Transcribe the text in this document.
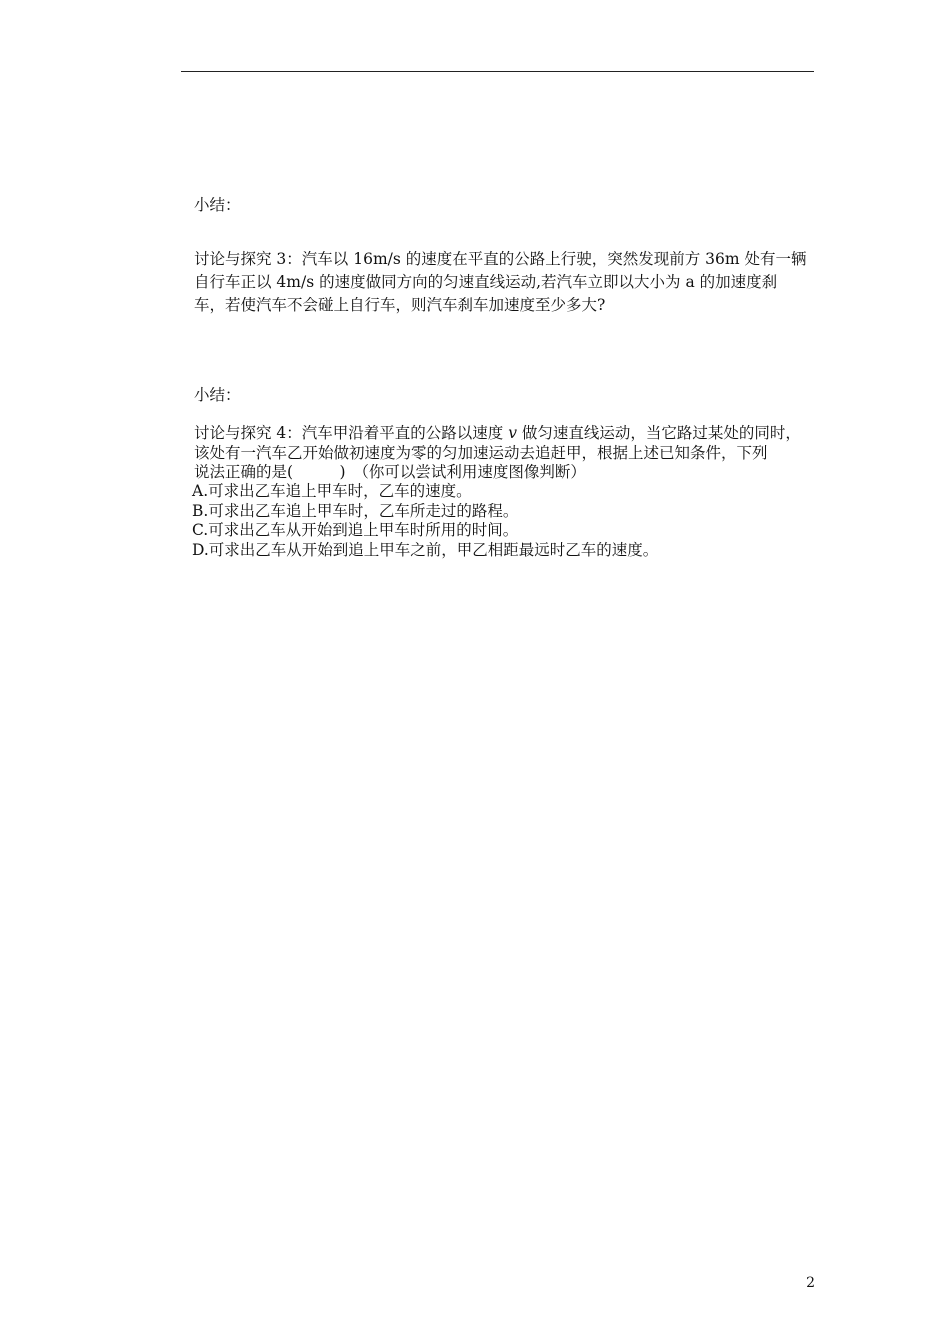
小结：
讨论与探究 3：汽车以 16m/s 的速度在平直的公路上行驶，突然发现前方 36m 处有一辆
自行车正以 4m/s 的速度做同方向的匀速直线运动,若汽车立即以大小为 a 的加速度刹
车，若使汽车不会碰上自行车，则汽车刹车加速度至少多大?
小结：
讨论与探究 4：汽车甲沿着平直的公路以速度 v 做匀速直线运动，当它路过某处的同时，
该处有一汽车乙开始做初速度为零的匀加速运动去追赶甲，根据上述已知条件，下列
说法正确的是(　　　)　（你可以尝试利用速度图像判断）
A.可求出乙车追上甲车时，乙车的速度。
B.可求出乙车追上甲车时，乙车所走过的路程。
C.可求出乙车从开始到追上甲车时所用的时间。
D.可求出乙车从开始到追上甲车之前，甲乙相距最远时乙车的速度。
2
